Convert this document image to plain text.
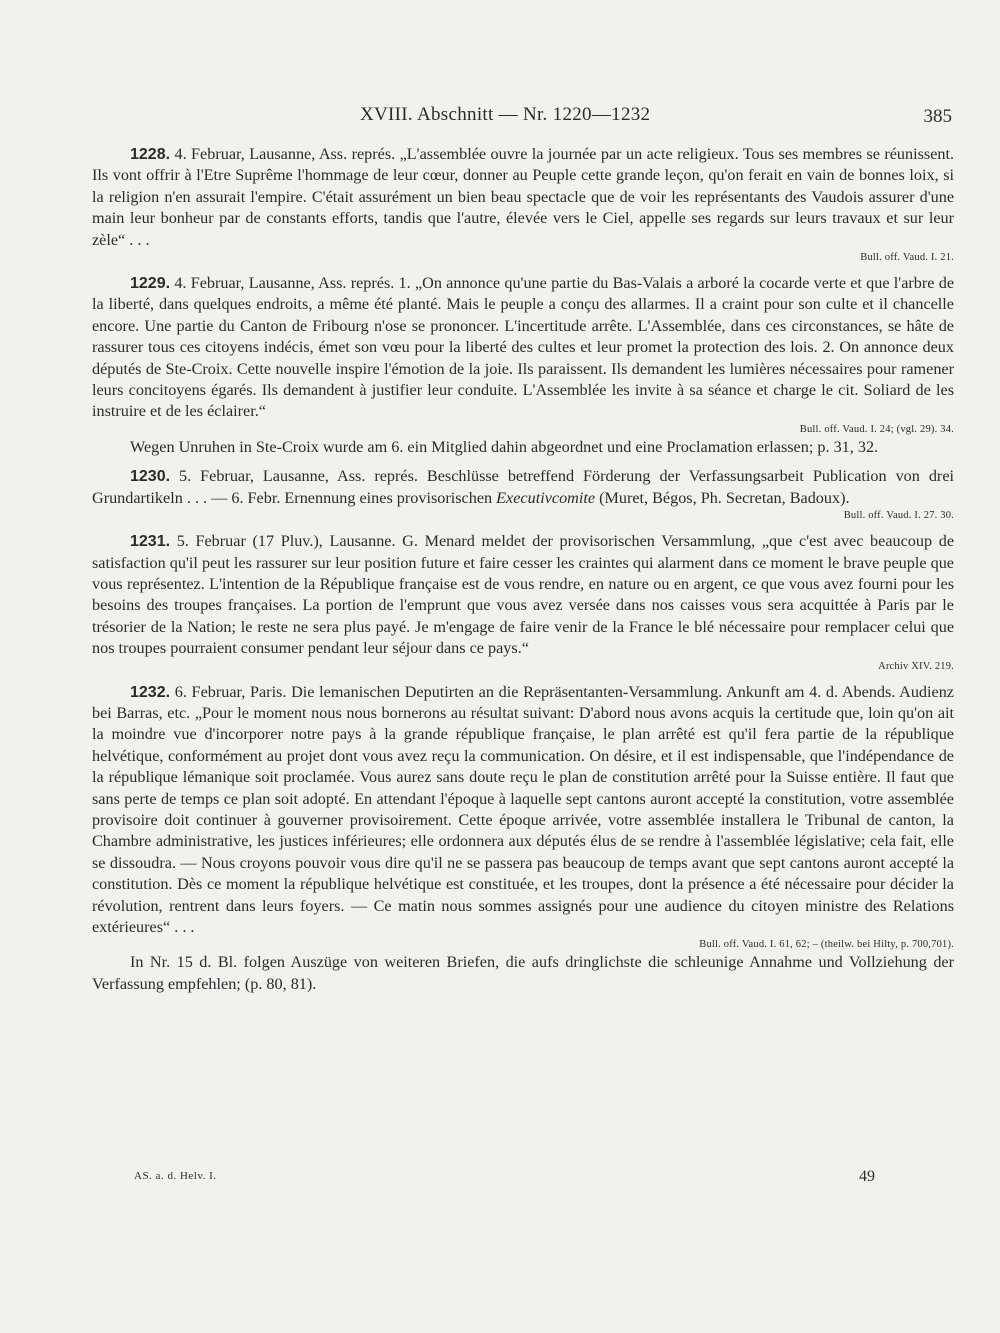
XVIII. Abschnitt — Nr. 1220—1232	385

1228. 4. Februar, Lausanne, Ass. représ. „L'assemblée ouvre la journée par un acte religieux. Tous ses membres se réunissent. Ils vont offrir à l'Etre Suprême l'hommage de leur cœur, donner au Peuple cette grande leçon, qu'on ferait en vain de bonnes loix, si la religion n'en assurait l'empire. C'était assurément un bien beau spectacle que de voir les représentants des Vaudois assurer d'une main leur bonheur par de constants efforts, tandis que l'autre, élevée vers le Ciel, appelle ses regards sur leurs travaux et sur leur zèle“ . . .

Bull. off. Vaud. I. 21.

1229. 4. Februar, Lausanne, Ass. représ. 1. „On annonce qu'une partie du Bas-Valais a arboré la cocarde verte et que l'arbre de la liberté, dans quelques endroits, a même été planté. Mais le peuple a conçu des allarmes. Il a craint pour son culte et il chancelle encore. Une partie du Canton de Fribourg n'ose se prononcer. L'incertitude arrête. L'Assemblée, dans ces circonstances, se hâte de rassurer tous ces citoyens indécis, émet son vœu pour la liberté des cultes et leur promet la protection des lois. 2. On annonce deux députés de Ste-Croix. Cette nouvelle inspire l'émotion de la joie. Ils paraissent. Ils demandent les lumières nécessaires pour ramener leurs concitoyens égarés. Ils demandent à justifier leur conduite. L'Assemblée les invite à sa séance et charge le cit. Soliard de les instruire et de les éclairer.“

Bull. off. Vaud. I. 24; (vgl. 29). 34.

Wegen Unruhen in Ste-Croix wurde am 6. ein Mitglied dahin abgeordnet und eine Proclamation erlassen; p. 31, 32.

1230. 5. Februar, Lausanne, Ass. représ. Beschlüsse betreffend Förderung der Verfassungsarbeit Publication von drei Grundartikeln . . . — 6. Febr. Ernennung eines provisorischen Executivcomite (Muret, Bégos, Ph. Secretan, Badoux).

Bull. off. Vaud. I. 27. 30.

1231. 5. Februar (17 Pluv.), Lausanne. G. Menard meldet der provisorischen Versammlung, „que c'est avec beaucoup de satisfaction qu'il peut les rassurer sur leur position future et faire cesser les craintes qui alarment dans ce moment le brave peuple que vous représentez. L'intention de la République française est de vous rendre, en nature ou en argent, ce que vous avez fourni pour les besoins des troupes françaises. La portion de l'emprunt que vous avez versée dans nos caisses vous sera acquittée à Paris par le trésorier de la Nation; le reste ne sera plus payé. Je m'engage de faire venir de la France le blé nécessaire pour remplacer celui que nos troupes pourraient consumer pendant leur séjour dans ce pays.“

Archiv XIV. 219.

1232. 6. Februar, Paris. Die lemanischen Deputirten an die Repräsentanten-Versammlung. Ankunft am 4. d. Abends. Audienz bei Barras, etc. „Pour le moment nous nous bornerons au résultat suivant: D'abord nous avons acquis la certitude que, loin qu'on ait la moindre vue d'incorporer notre pays à la grande république française, le plan arrêté est qu'il fera partie de la république helvétique, conformément au projet dont vous avez reçu la communication. On désire, et il est indispensable, que l'indépendance de la république lémanique soit proclamée. Vous aurez sans doute reçu le plan de constitution arrêté pour la Suisse entière. Il faut que sans perte de temps ce plan soit adopté. En attendant l'époque à laquelle sept cantons auront accepté la constitution, votre assemblée provisoire doit continuer à gouverner provisoirement. Cette époque arrivée, votre assemblée installera le Tribunal de canton, la Chambre administrative, les justices inférieures; elle ordonnera aux députés élus de se rendre à l'assemblée législative; cela fait, elle se dissoudra. — Nous croyons pouvoir vous dire qu'il ne se passera pas beaucoup de temps avant que sept cantons auront accepté la constitution. Dès ce moment la république helvétique est constituée, et les troupes, dont la présence a été nécessaire pour décider la révolution, rentrent dans leurs foyers. — Ce matin nous sommes assignés pour une audience du citoyen ministre des Relations extérieures“ . . .

Bull. off. Vaud. I. 61, 62; – (theilw. bei Hilty, p. 700,701).

In Nr. 15 d. Bl. folgen Auszüge von weiteren Briefen, die aufs dringlichste die schleunige Annahme und Vollziehung der Verfassung empfehlen; (p. 80, 81).

AS. a. d. Helv. I.	49
